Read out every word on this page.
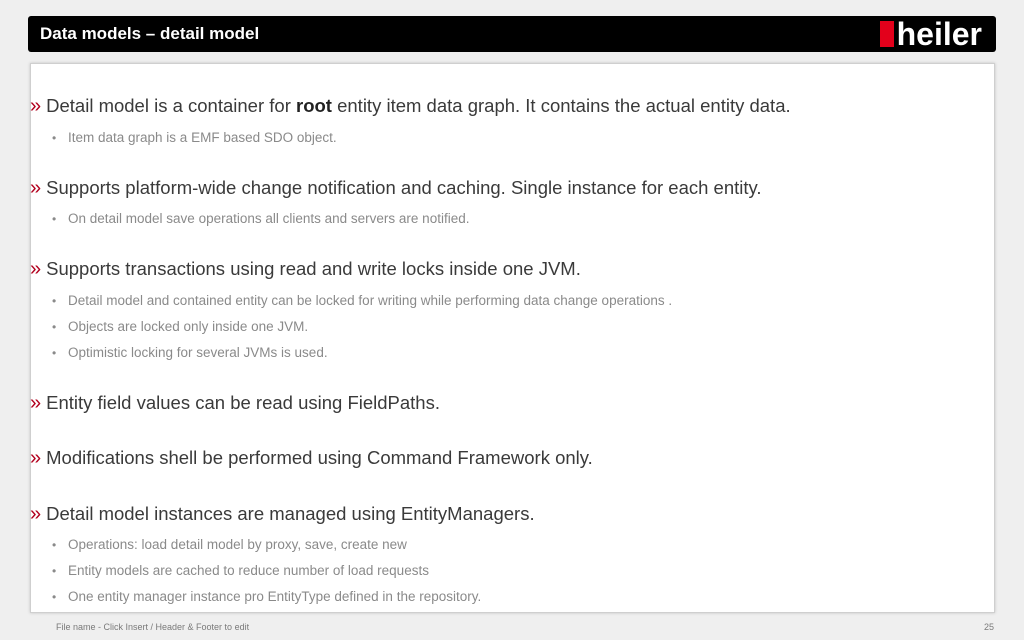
Data models – detail model	heiler
» Detail model is a container for root entity item data graph. It contains the actual entity data.
• Item data graph is a EMF based SDO object.
» Supports platform-wide change notification and caching. Single instance for each entity.
• On detail model save operations all clients and servers are notified.
» Supports transactions using read and write locks inside one JVM.
• Detail model and contained entity can be locked for writing while performing data change operations .
• Objects are locked only inside one JVM.
• Optimistic locking for several JVMs is used.
» Entity field values can be read using FieldPaths.
» Modifications shell be performed using Command Framework only.
» Detail model instances are managed using EntityManagers.
• Operations: load detail model by proxy, save, create new
• Entity models are cached to reduce number of load requests
• One entity manager instance pro EntityType defined in the repository.
File name - Click Insert / Header & Footer to edit	25
